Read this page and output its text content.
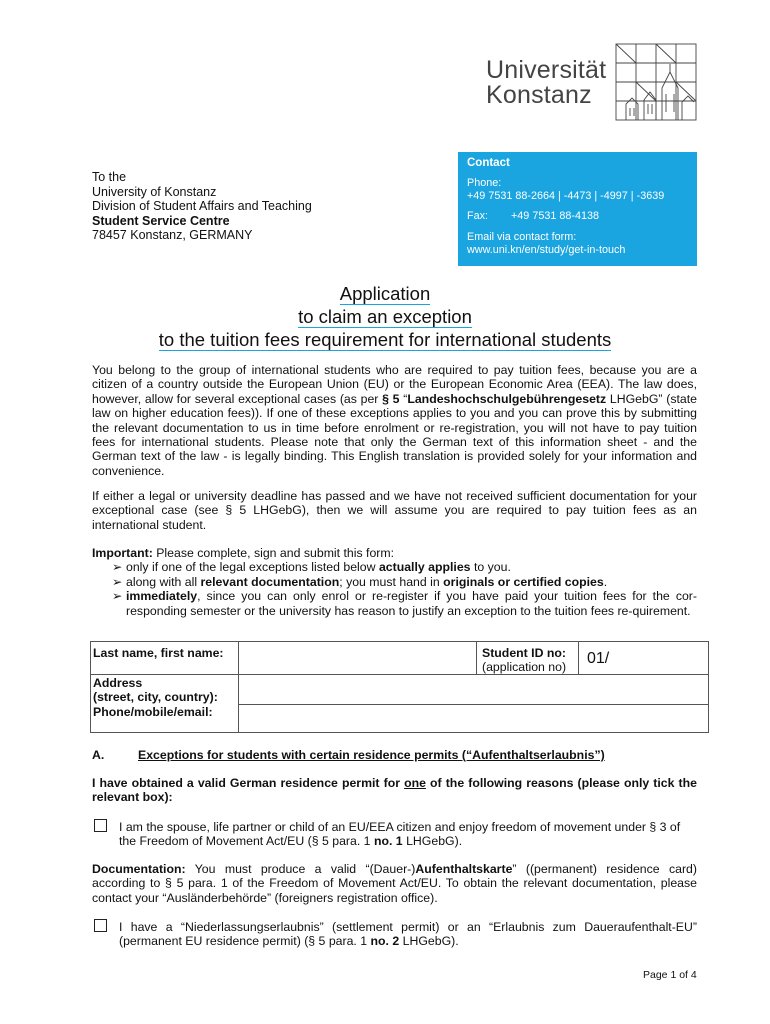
Universität
Konstanz
To the
University of Konstanz
Division of Student Affairs and Teaching
Student Service Centre
78457 Konstanz, GERMANY
Contact
Phone:
+49 7531 88-2664 | -4473 | -4997 | -3639
Fax: +49 7531 88-4138
Email via contact form:
www.uni.kn/en/study/get-in-touch
Application
to claim an exception
to the tuition fees requirement for international students
You belong to the group of international students who are required to pay tuition fees, because you are a citizen of a country outside the European Union (EU) or the European Economic Area (EEA). The law does, however, allow for several exceptional cases (as per § 5 “Landeshochschulgebührengesetz LHGebG” (state law on higher education fees)). If one of these exceptions applies to you and you can prove this by submitting the relevant documentation to us in time before enrolment or re-registration, you will not have to pay tuition fees for international students. Please note that only the German text of this information sheet - and the German text of the law - is legally binding. This English translation is provided solely for your information and convenience.
If either a legal or university deadline has passed and we have not received sufficient documentation for your exceptional case (see § 5 LHGebG), then we will assume you are required to pay tuition fees as an international student.
Important: Please complete, sign and submit this form:
➢ only if one of the legal exceptions listed below actually applies to you.
➢ along with all relevant documentation; you must hand in originals or certified copies.
➢ immediately, since you can only enrol or re-register if you have paid your tuition fees for the cor-responding semester or the university has reason to justify an exception to the tuition fees re-quirement.
Last name, first name:	Student ID no:
(application no) 01/
Address
(street, city, country):
Phone/mobile/email:
A.	Exceptions for students with certain residence permits (“Aufenthaltserlaubnis”)
I have obtained a valid German residence permit for one of the following reasons (please only tick the relevant box):
I am the spouse, life partner or child of an EU/EEA citizen and enjoy freedom of movement under § 3 of the Freedom of Movement Act/EU (§ 5 para. 1 no. 1 LHGebG).
Documentation: You must produce a valid “(Dauer-)Aufenthaltskarte” ((permanent) residence card) according to § 5 para. 1 of the Freedom of Movement Act/EU. To obtain the relevant documentation, please contact your “Ausländerbehörde” (foreigners registration office).
I have a “Niederlassungserlaubnis” (settlement permit) or an “Erlaubnis zum Daueraufenthalt-EU” (permanent EU residence permit) (§ 5 para. 1 no. 2 LHGebG).
Page 1 of 4
